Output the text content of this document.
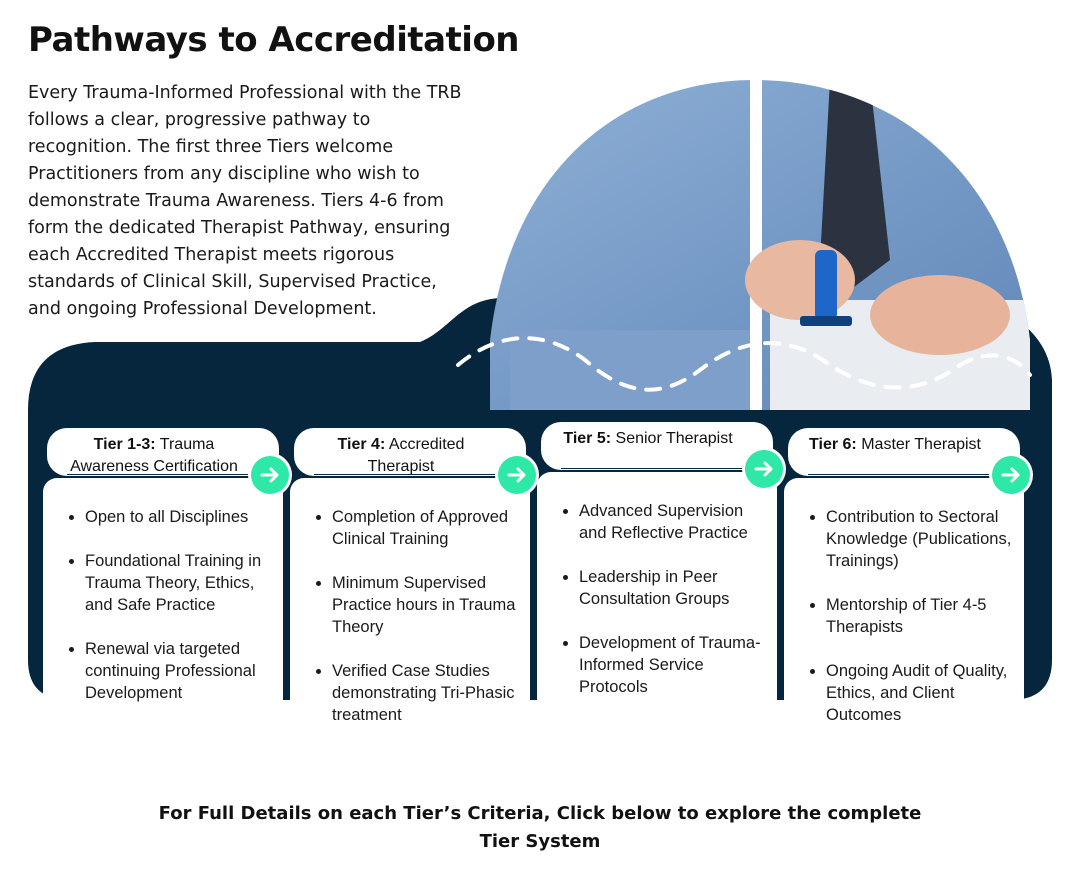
Pathways to Accreditation

Every Trauma-Informed Professional with the TRB follows a clear, progressive pathway to recognition. The first three Tiers welcome Practitioners from any discipline who wish to demonstrate Trauma Awareness. Tiers 4-6 from form the dedicated Therapist Pathway, ensuring each Accredited Therapist meets rigorous standards of Clinical Skill, Supervised Practice, and ongoing Professional Development.

Tier 1-3: Trauma Awareness Certification
• Open to all Disciplines
• Foundational Training in Trauma Theory, Ethics, and Safe Practice
• Renewal via targeted continuing Professional Development
Tier 4: Accredited Therapist
• Completion of Approved Clinical Training
• Minimum Supervised Practice hours in Trauma Theory
• Verified Case Studies demonstrating Tri-Phasic treatment
Tier 5: Senior Therapist
• Advanced Supervision and Reflective Practice
• Leadership in Peer Consultation Groups
• Development of Trauma-Informed Service Protocols
Tier 6: Master Therapist
• Contribution to Sectoral Knowledge (Publications, Trainings)
• Mentorship of Tier 4-5 Therapists
• Ongoing Audit of Quality, Ethics, and Client Outcomes

For Full Details on each Tier’s Criteria, Click below to explore the complete
Tier System
